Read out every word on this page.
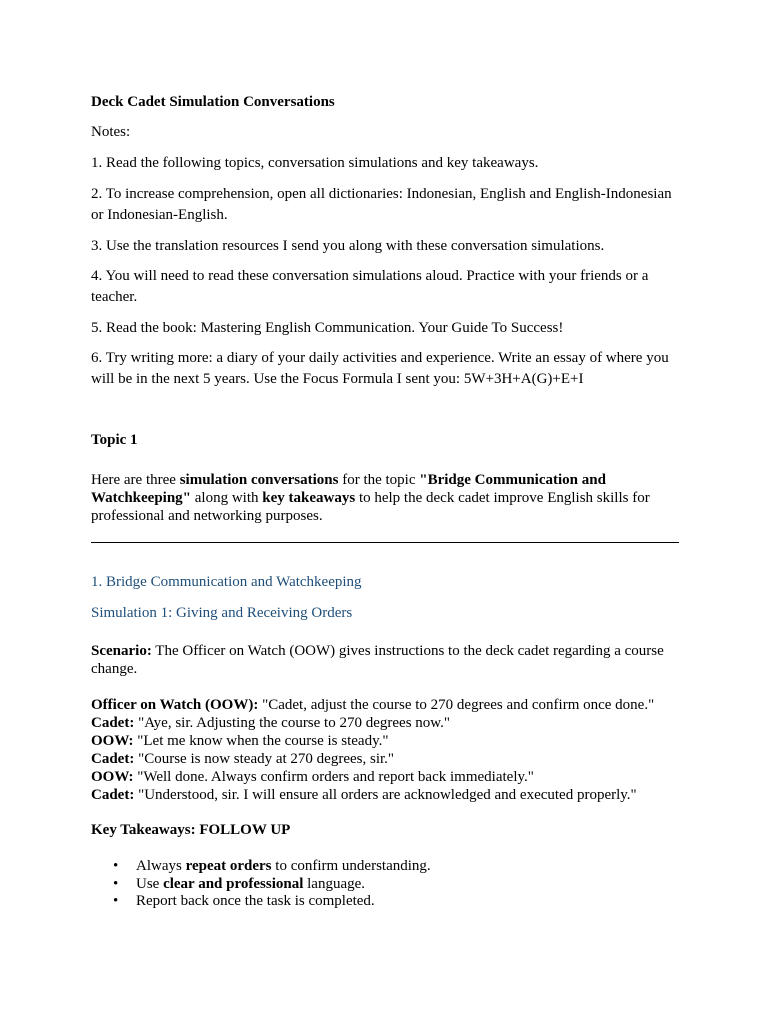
Deck Cadet Simulation Conversations

Notes:

1. Read the following topics, conversation simulations and key takeaways.

2. To increase comprehension, open all dictionaries: Indonesian, English and English-Indonesian or Indonesian-English.

3. Use the translation resources I send you along with these conversation simulations.

4. You will need to read these conversation simulations aloud. Practice with your friends or a teacher.

5. Read the book: Mastering English Communication. Your Guide To Success!

6. Try writing more: a diary of your daily activities and experience. Write an essay of where you will be in the next 5 years. Use the Focus Formula I sent you: 5W+3H+A(G)+E+I

Topic 1

Here are three simulation conversations for the topic "Bridge Communication and Watchkeeping" along with key takeaways to help the deck cadet improve English skills for professional and networking purposes.

1. Bridge Communication and Watchkeeping

Simulation 1: Giving and Receiving Orders

Scenario: The Officer on Watch (OOW) gives instructions to the deck cadet regarding a course change.

Officer on Watch (OOW): "Cadet, adjust the course to 270 degrees and confirm once done."

Cadet: "Aye, sir. Adjusting the course to 270 degrees now."

OOW: "Let me know when the course is steady."

Cadet: "Course is now steady at 270 degrees, sir."

OOW: "Well done. Always confirm orders and report back immediately."

Cadet: "Understood, sir. I will ensure all orders are acknowledged and executed properly."

Key Takeaways: FOLLOW UP

• Always repeat orders to confirm understanding.
• Use clear and professional language.
• Report back once the task is completed.
